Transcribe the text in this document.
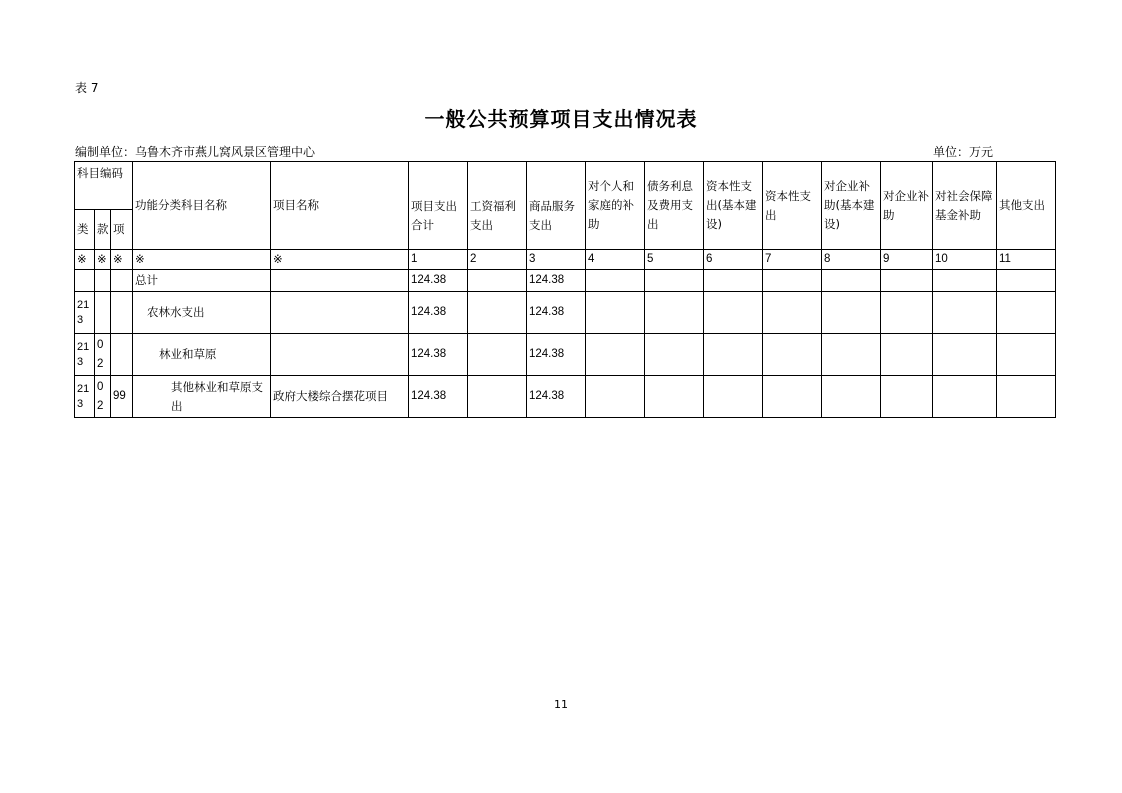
表 7
一般公共预算项目支出情况表
编制单位：乌鲁木齐市燕儿窝风景区管理中心	单位：万元
科目编码			功能分类科目名称	项目名称	项目支出合计	工资福利支出	商品服务支出	对个人和家庭的补助	债务利息及费用支出	资本性支出(基本建设)	资本性支出	对企业补助(基本建设)	对企业补助	对社会保障基金补助	其他支出
类	款	项													
※	※	※	※	※	1	2	3	4	5	6	7	8	9	10	11
			总计		124.38		124.38								
213			农林水支出		124.38		124.38								
213	02		林业和草原		124.38		124.38								
213	02	99	其他林业和草原支出	政府大楼综合摆花项目	124.38		124.38								
11
